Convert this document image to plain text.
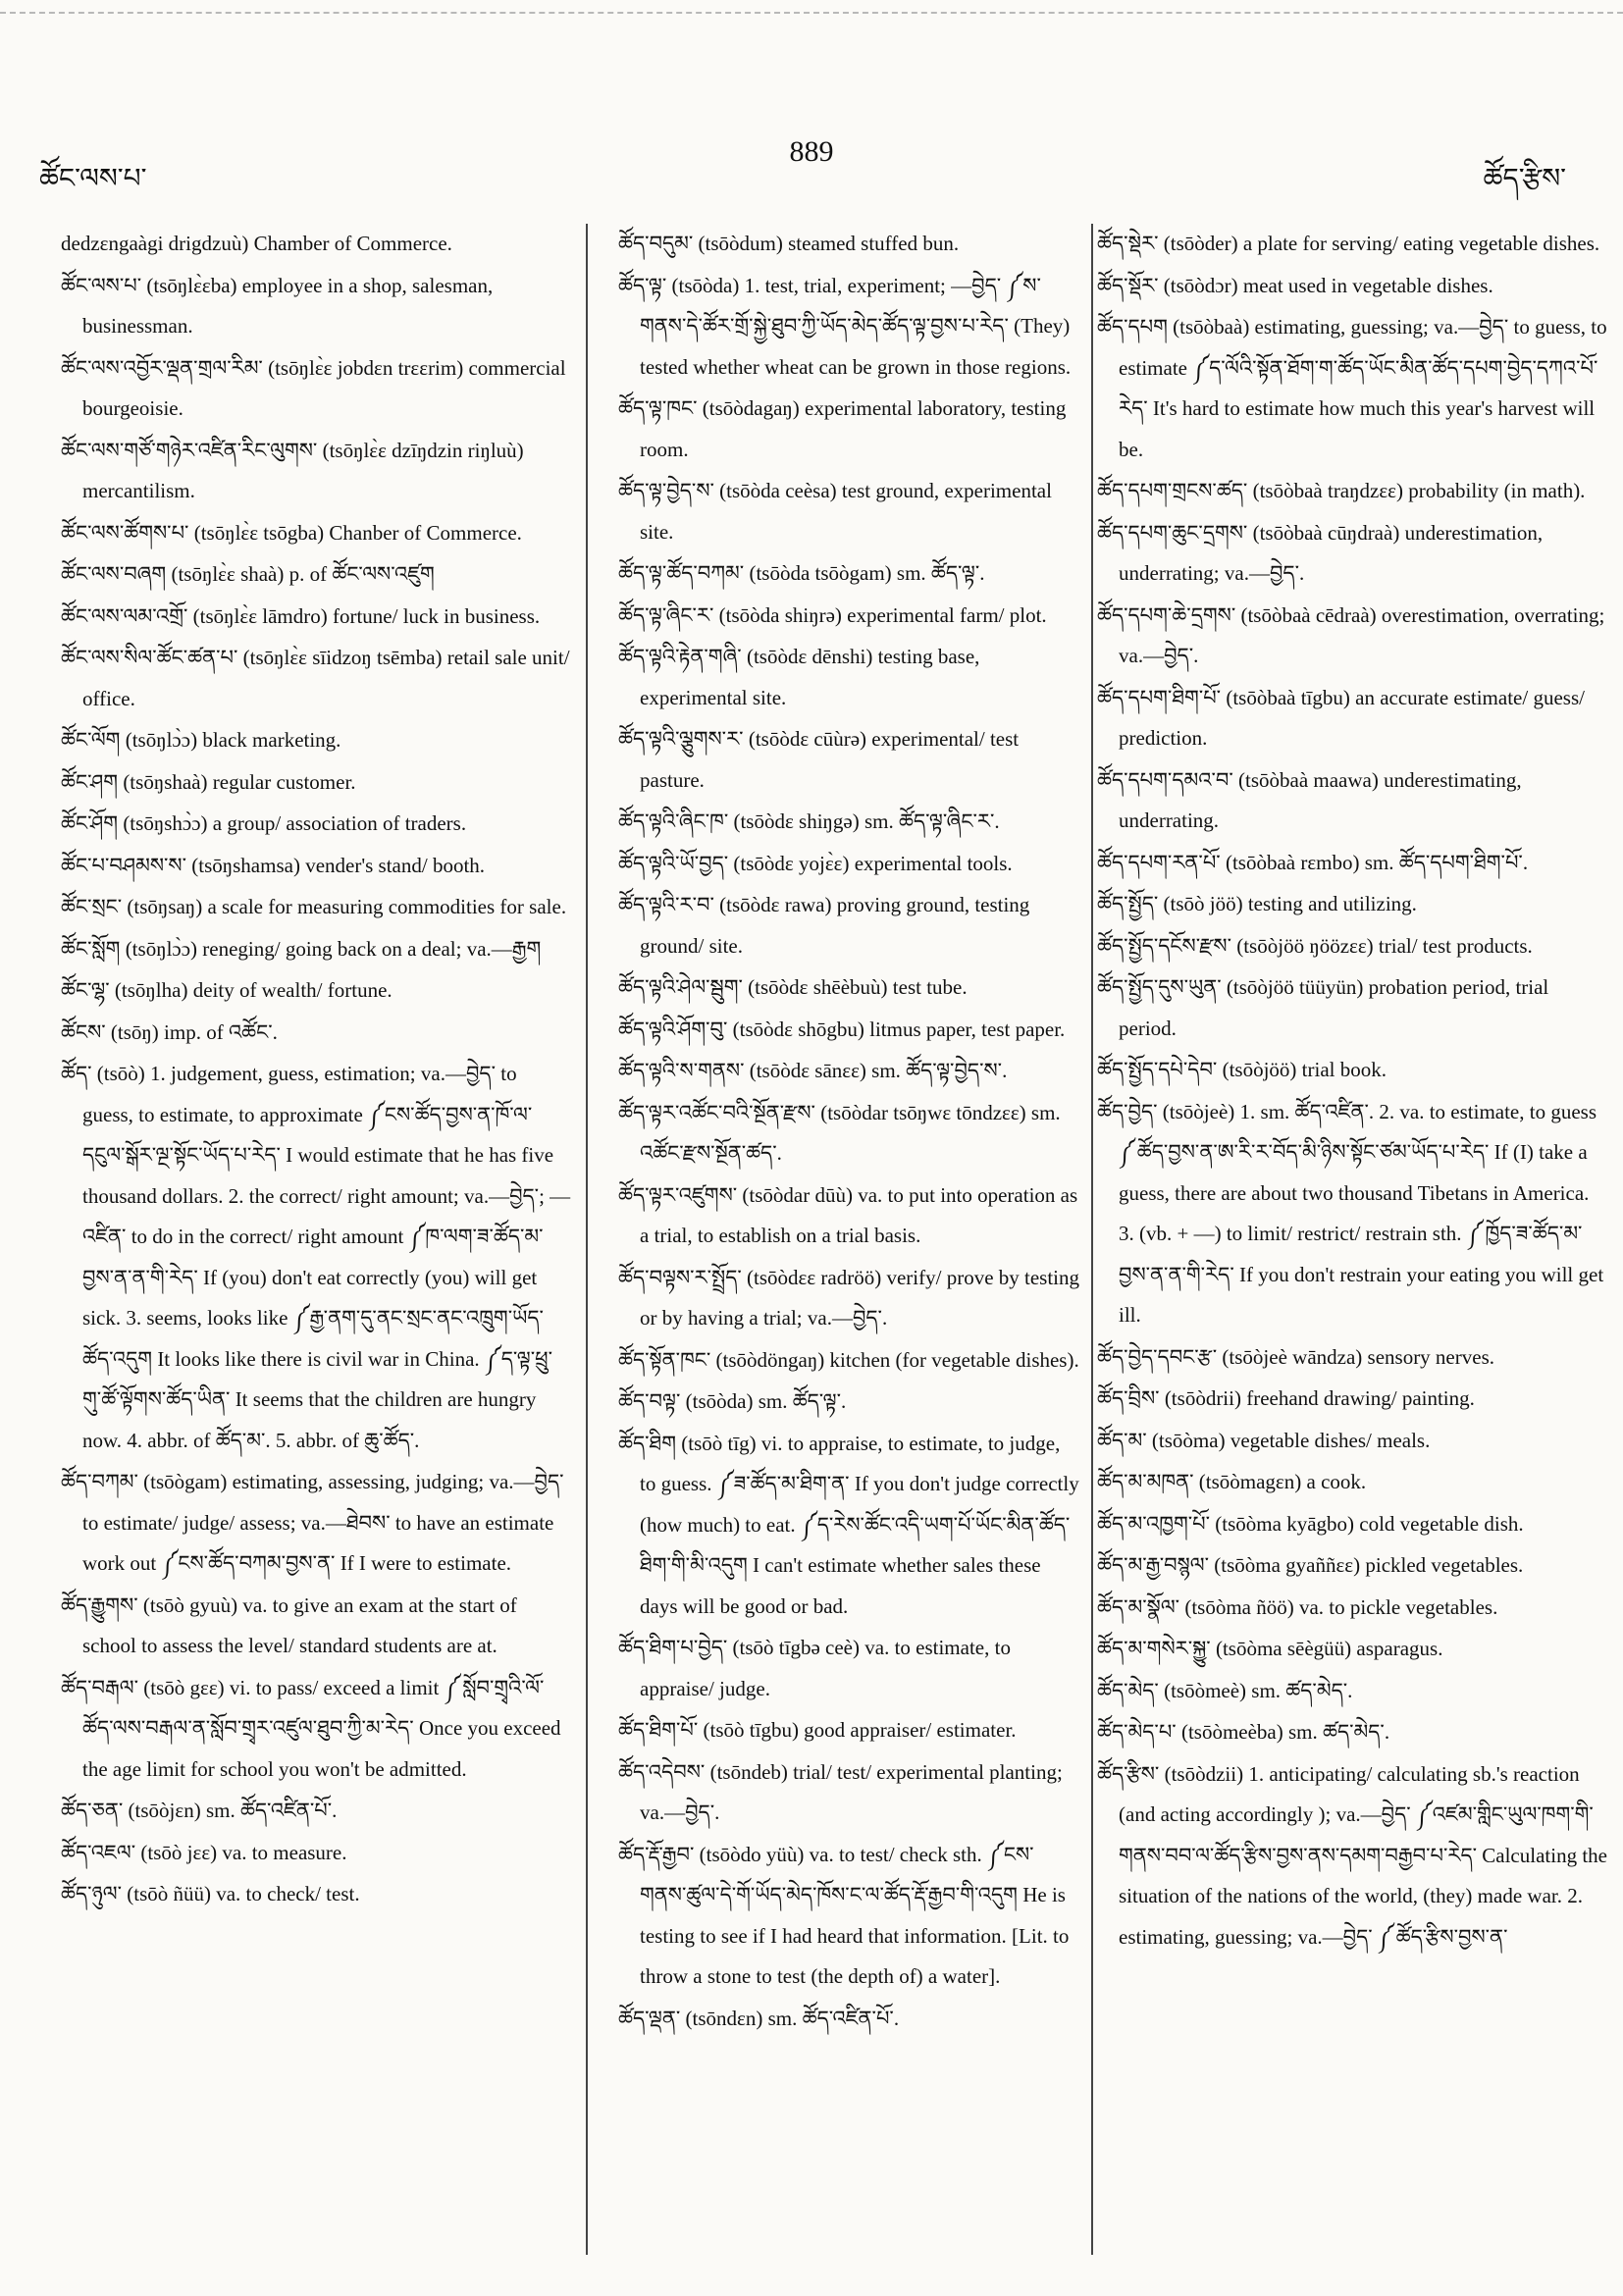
ཚོང་ལས་པ་
889
ཚོད་རྩིས་

dedzɛngaàgi drigdzuù) Chamber of Commerce.

ཚོང་ལས་པ་ (tsōŋlɛ̀ɛba) employee in a shop, salesman, businessman.

ཚོང་ལས་འབྱོར་ལྡན་གྲལ་རིམ་ (tsōŋlɛ̀ɛ jobdɛn trɛɛrim) commercial bourgeoisie.

ཚོང་ལས་གཙོ་གཉེར་འཛིན་རིང་ལུགས་ (tsōŋlɛ̀ɛ dzīŋdzin riŋluù) mercantilism.

ཚོང་ལས་ཚོགས་པ་ (tsōŋlɛ̀ɛ tsōgba) Chanber of Commerce.

ཚོང་ལས་བཞག (tsōŋlɛ̀ɛ shaà) p. of ཚོང་ལས་འཛུག

ཚོང་ལས་ལམ་འགྲོ་ (tsōŋlɛ̀ɛ lāmdro) fortune/ luck in business.

ཚོང་ལས་སིལ་ཚོང་ཚན་པ་ (tsōŋlɛ̀ɛ sīidzoŋ tsēmba) retail sale unit/ office.

ཚོང་ལོག (tsōŋlɔ̀ɔ) black marketing.

ཚོང་ཤག (tsōŋshaà) regular customer.

ཚོང་ཤོག (tsōŋshɔ̀ɔ) a group/ association of traders.

ཚོང་པ་བཤམས་ས་ (tsōŋshamsa) vender's stand/ booth.

ཚོང་སྲང་ (tsōŋsaŋ) a scale for measuring commodities for sale.

ཚོང་སློག (tsōŋlɔ̀ɔ) reneging/ going back on a deal; va.—རྒྱག

ཚོང་ལྷ་ (tsōŋlha) deity of wealth/ fortune.

ཚོངས་ (tsōŋ) imp. of འཚོང་.

ཚོད་ (tsōò) 1. judgement, guess, estimation; va.—བྱེད་ to guess, to estimate, to approximate ༼ངས་ཚོད་བྱས་ན་ཁོ་ལ་དངུལ་སྒོར་ལྔ་སྟོང་ཡོད་པ་རེད་ I would estimate that he has five thousand dollars. 2. the correct/ right amount; va.—བྱེད་; —འཛིན་ to do in the correct/ right amount ༼ཁ་ལག་ཟ་ཚོད་མ་བྱས་ན་ན་གི་རེད་ If (you) don't eat correctly (you) will get sick. 3. seems, looks like ༼རྒྱ་ནག་དུ་ནང་སྲང་ནང་འཁྲུག་ཡོད་ཚོད་འདུག It looks like there is civil war in China. ༼ད་ལྟ་ཕྲུ་གུ་ཚོ་ལྟོགས་ཚོད་ཡིན་ It seems that the children are hungry now. 4. abbr. of ཚོད་མ་. 5. abbr. of ཆུ་ཚོད་.

ཚོད་བཀམ་ (tsōògam) estimating, assessing, judging; va.—བྱེད་ to estimate/ judge/ assess; va.—ཐེབས་ to have an estimate work out ༼ངས་ཚོད་བཀམ་བྱས་ན་ If I were to estimate.

ཚོད་རྒྱུགས་ (tsōò gyuù) va. to give an exam at the start of school to assess the level/ standard students are at.

ཚོད་བརྒལ་ (tsōò gɛɛ) vi. to pass/ exceed a limit ༼སློབ་གྲྭའི་ལོ་ཚོད་ལས་བརྒལ་ན་སློབ་གྲྭར་འཛུལ་ཐུབ་ཀྱི་མ་རེད་ Once you exceed the age limit for school you won't be admitted.

ཚོད་ཅན་ (tsōòjɛn) sm. ཚོད་འཛིན་པོ་.

ཚོད་འཇལ་ (tsōò jɛɛ) va. to measure.

ཚོད་ཉུལ་ (tsōò ñüü) va. to check/ test.

ཚོད་བདུམ་ (tsōòdum) steamed stuffed bun.

ཚོད་ལྟ་ (tsōòda) 1. test, trial, experiment; —བྱེད་ ༼ས་གནས་དེ་ཚོར་གྲོ་སྐྱེ་ཐུབ་ཀྱི་ཡོད་མེད་ཚོད་ལྟ་བྱས་པ་རེད་ (They) tested whether wheat can be grown in those regions.

ཚོད་ལྟ་ཁང་ (tsōòdagaŋ) experimental laboratory, testing room.

ཚོད་ལྟ་བྱེད་ས་ (tsōòda ceèsa) test ground, experimental site.

ཚོད་ལྟ་ཚོད་བཀམ་ (tsōòda tsōògam) sm. ཚོད་ལྟ་.

ཚོད་ལྟ་ཞིང་ར་ (tsōòda shiŋrə) experimental farm/ plot.

ཚོད་ལྟའི་རྟེན་གཞི་ (tsōòdɛ dēnshi) testing base, experimental site.

ཚོད་ལྟའི་ལྕུགས་ར་ (tsōòdɛ cūùrə) experimental/ test pasture.

ཚོད་ལྟའི་ཞིང་ཁ་ (tsōòdɛ shiŋgə) sm. ཚོད་ལྟ་ཞིང་ར་.

ཚོད་ལྟའི་ཡོ་བྱད་ (tsōòdɛ yojɛ̀ɛ) experimental tools.

ཚོད་ལྟའི་ར་བ་ (tsōòdɛ rawa) proving ground, testing ground/ site.

ཚོད་ལྟའི་ཤེལ་སྦུག་ (tsōòdɛ shēèbuù) test tube.

ཚོད་ལྟའི་ཤོག་བུ་ (tsōòdɛ shōgbu) litmus paper, test paper.

ཚོད་ལྟའི་ས་གནས་ (tsōòdɛ sānɛɛ) sm. ཚོད་ལྟ་བྱེད་ས་.

ཚོད་ལྟར་འཚོང་བའི་སྔོན་རྫས་ (tsōòdar tsōŋwɛ tōndzɛɛ) sm. འཚོང་རྫས་སྔོན་ཚད་.

ཚོད་ལྟར་འཛུགས་ (tsōòdar dūù) va. to put into operation as a trial, to establish on a trial basis.

ཚོད་བལྟས་ར་སྤྲོད་ (tsōòdɛɛ radröö) verify/ prove by testing or by having a trial; va.—བྱེད་.

ཚོད་སྟོན་ཁང་ (tsōòdöngaŋ) kitchen (for vegetable dishes).

ཚོད་བལྟ་ (tsōòda) sm. ཚོད་ལྟ་.

ཚོད་ཐིག (tsōò tīg) vi. to appraise, to estimate, to judge, to guess. ༼ཟ་ཚོད་མ་ཐིག་ན་ If you don't judge correctly (how much) to eat. ༼ད་རེས་ཚོང་འདི་ཡག་པོ་ཡོང་མིན་ཚོད་ཐིག་གི་མི་འདུག I can't estimate whether sales these days will be good or bad.

ཚོད་ཐིག་པ་བྱེད་ (tsōò tīgbə ceè) va. to estimate, to appraise/ judge.

ཚོད་ཐིག་པོ་ (tsōò tīgbu) good appraiser/ estimater.

ཚོད་འདེབས་ (tsōndeb) trial/ test/ experimental planting; va.—བྱེད་.

ཚོད་རྡོ་རྒྱབ་ (tsōòdo yüù) va. to test/ check sth. ༼ངས་གནས་ཚུལ་དེ་གོ་ཡོད་མེད་ཁོས་ང་ལ་ཚོད་རྡོ་རྒྱབ་གི་འདུག He is testing to see if I had heard that information. [Lit. to throw a stone to test (the depth of) a water].

ཚོད་ལྡན་ (tsōndɛn) sm. ཚོད་འཛིན་པོ་.

ཚོད་སྡེར་ (tsōòder) a plate for serving/ eating vegetable dishes.

ཚོད་སྡོར་ (tsōòdɔr) meat used in vegetable dishes.

ཚོད་དཔག (tsōòbaà) estimating, guessing; va.—བྱེད་ to guess, to estimate ༼ད་ལོའི་སྟོན་ཐོག་ག་ཚོད་ཡོང་མིན་ཚོད་དཔག་བྱེད་དཀའ་པོ་རེད་ It's hard to estimate how much this year's harvest will be.

ཚོད་དཔག་གྲངས་ཚད་ (tsōòbaà traŋdzɛɛ) probability (in math).

ཚོད་དཔག་ཆུང་དྲགས་ (tsōòbaà cūŋdraà) underestimation, underrating; va.—བྱེད་.

ཚོད་དཔག་ཆེ་དྲགས་ (tsōòbaà cēdraà) overestimation, overrating; va.—བྱེད་.

ཚོད་དཔག་ཐིག་པོ་ (tsōòbaà tīgbu) an accurate estimate/ guess/ prediction.

ཚོད་དཔག་དམའ་བ་ (tsōòbaà maawa) underestimating, underrating.

ཚོད་དཔག་རན་པོ་ (tsōòbaà rɛmbo) sm. ཚོད་དཔག་ཐིག་པོ་.

ཚོད་སྤྱོད་ (tsōò jöö) testing and utilizing.

ཚོད་སྤྱོད་དངོས་རྫས་ (tsōòjöö ŋöözɛɛ) trial/ test products.

ཚོད་སྤྱོད་དུས་ཡུན་ (tsōòjöö tüüyün) probation period, trial period.

ཚོད་སྤྱོད་དཔེ་དེབ་ (tsōòjöö) trial book.

ཚོད་བྱེད་ (tsōòjeè) 1. sm. ཚོད་འཛིན་. 2. va. to estimate, to guess ༼ཚོད་བྱས་ན་ཨ་རི་ར་བོད་མི་ཉིས་སྟོང་ཙམ་ཡོད་པ་རེད་ If (I) take a guess, there are about two thousand Tibetans in America. 3. (vb. + —) to limit/ restrict/ restrain sth. ༼ཁྱོད་ཟ་ཚོད་མ་བྱས་ན་ན་གི་རེད་ If you don't restrain your eating you will get ill.

ཚོད་བྱེད་དབང་རྩ་ (tsōòjeè wāndza) sensory nerves.

ཚོད་བྲིས་ (tsōòdrii) freehand drawing/ painting.

ཚོད་མ་ (tsōòma) vegetable dishes/ meals.

ཚོད་མ་མཁན་ (tsōòmagɛn) a cook.

ཚོད་མ་འཁྱག་པོ་ (tsōòma kyāgbo) cold vegetable dish.

ཚོད་མ་རྒྱ་བསྙལ་ (tsōòma gyaññɛɛ) pickled vegetables.

ཚོད་མ་སྣོལ་ (tsōòma ñöö) va. to pickle vegetables.

ཚོད་མ་གསེར་སྐྱུ་ (tsōòma sēègüü) asparagus.

ཚོད་མེད་ (tsōòmeè) sm. ཚད་མེད་.

ཚོད་མེད་པ་ (tsōòmeèba) sm. ཚད་མེད་.

ཚོད་རྩིས་ (tsōòdzii) 1. anticipating/ calculating sb.'s reaction (and acting accordingly ); va.—བྱེད་ ༼འཛམ་གླིང་ཡུལ་ཁག་གི་གནས་བབ་ལ་ཚོད་རྩིས་བྱས་ནས་དམག་བརྒྱབ་པ་རེད་ Calculating the situation of the nations of the world, (they) made war. 2. estimating, guessing; va.—བྱེད་ ༼ཚོད་རྩིས་བྱས་ན་
